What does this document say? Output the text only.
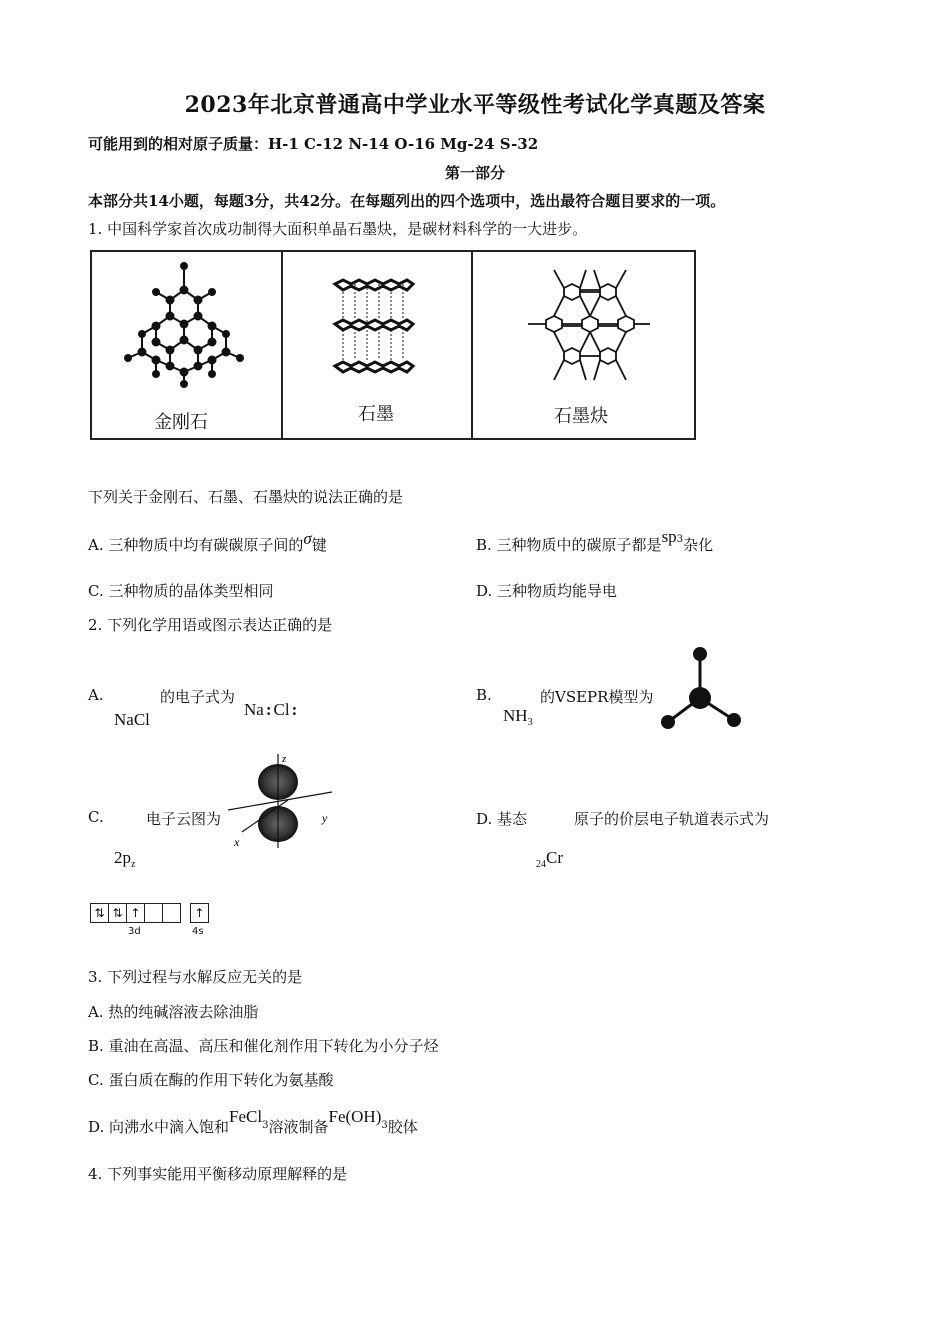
2023年北京普通高中学业水平等级性考试化学真题及答案
可能用到的相对原子质量：H-1 C-12 N-14 O-16 Mg-24 S-32
第一部分
本部分共14小题，每题3分，共42分。在每题列出的四个选项中，选出最符合题目要求的一项。
1. 中国科学家首次成功制得大面积单晶石墨炔，是碳材料科学的一大进步。
金刚石	石墨	石墨炔
下列关于金刚石、石墨、石墨炔的说法正确的是
A. 三种物质中均有碳碳原子间的σ键	B. 三种物质中的碳原子都是$sp^3$杂化
C. 三种物质的晶体类型相同	D. 三种物质均能导电
2. 下列化学用语或图示表达正确的是
A.	的电子式为
NaCl
Na : Cl :
B.	的VSEPR模型为
$NH_3$
C.	电子云图为
$2p_z$
z
y
x
D. 基态	原子的价层电子轨道表示式为
$_{24}$Cr
⇅ ⇅ ↑	↑
3d	4s
3. 下列过程与水解反应无关的是
A. 热的纯碱溶液去除油脂
B. 重油在高温、高压和催化剂作用下转化为小分子烃
C. 蛋白质在酶的作用下转化为氨基酸
D. 向沸水中滴入饱和FeCl$^3$溶液制备Fe(OH)$^3$胶体
4. 下列事实能用平衡移动原理解释的是
